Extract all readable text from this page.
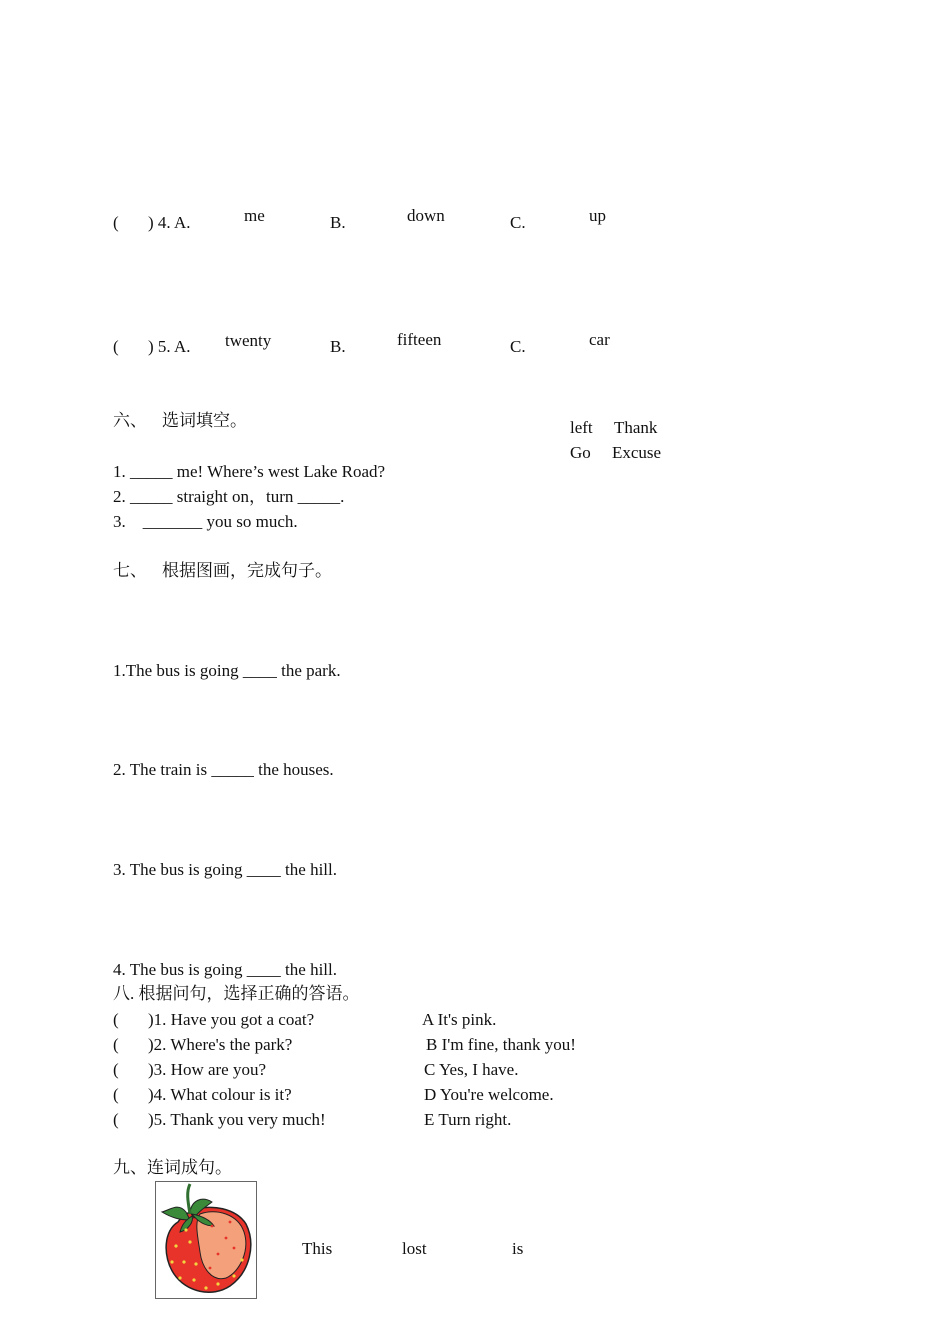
( ) 4. A.	me	B.	down	C.	up
( ) 5. A. twenty	B.	fifteen	C.	car
六、 选词填空。	left Thank
Go Excuse
1. _____ me! Where’s west Lake Road?
2. _____ straight on，turn _____.
3.    _______ you so much.
七、 根据图画，完成句子。
1.The bus is going ____ the park.
2. The train is _____ the houses.
3. The bus is going ____ the hill.
4. The bus is going ____ the hill.
八. 根据问句，选择正确的答语。
( )1. Have you got a coat?	A It's pink.
( )2. Where's the park?	B I'm fine, thank you!
( )3. How are you?	C Yes, I have.
( )4. What colour is it?	D You're welcome.
( )5. Thank you very much!	E Turn right.
九、连词成句。
This	lost	is
